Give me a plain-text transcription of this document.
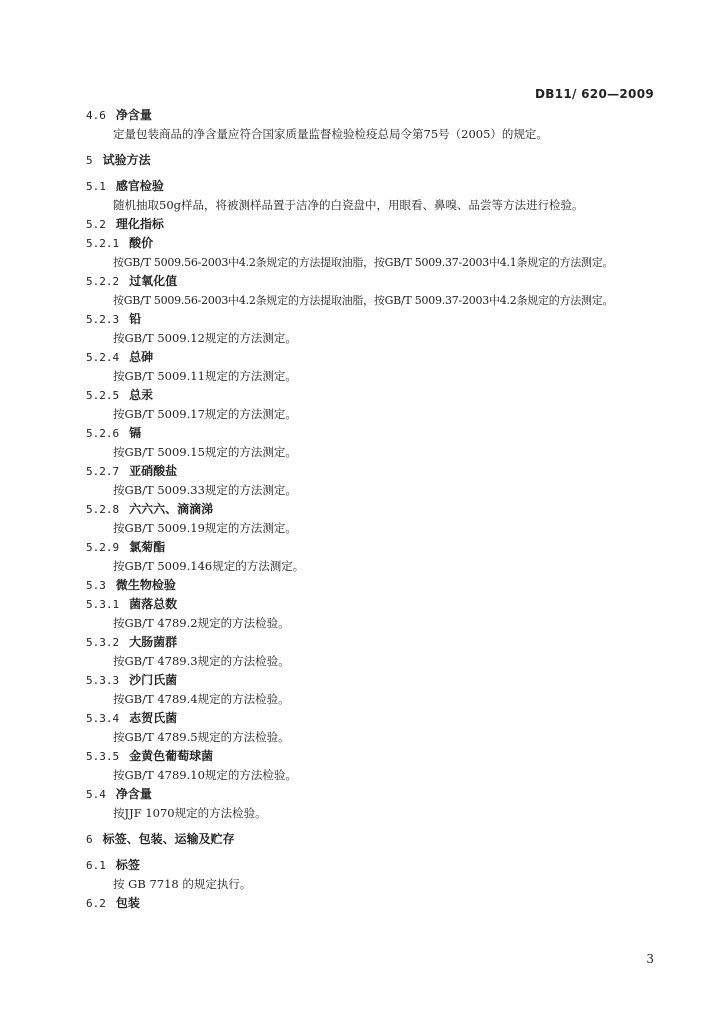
DB11/ 620—2009
4.6 净含量
定量包装商品的净含量应符合国家质量监督检验检疫总局令第75号（2005）的规定。
5 试验方法
5.1 感官检验
随机抽取50g样品，将被测样品置于洁净的白瓷盘中，用眼看、鼻嗅、品尝等方法进行检验。
5.2 理化指标
5.2.1 酸价
按GB/T 5009.56-2003中4.2条规定的方法提取油脂，按GB/T 5009.37-2003中4.1条规定的方法测定。
5.2.2 过氧化值
按GB/T 5009.56-2003中4.2条规定的方法提取油脂，按GB/T 5009.37-2003中4.2条规定的方法测定。
5.2.3 铅
按GB/T 5009.12规定的方法测定。
5.2.4 总砷
按GB/T 5009.11规定的方法测定。
5.2.5 总汞
按GB/T 5009.17规定的方法测定。
5.2.6 镉
按GB/T 5009.15规定的方法测定。
5.2.7 亚硝酸盐
按GB/T 5009.33规定的方法测定。
5.2.8 六六六、滴滴涕
按GB/T 5009.19规定的方法测定。
5.2.9 氯菊酯
按GB/T 5009.146规定的方法测定。
5.3 微生物检验
5.3.1 菌落总数
按GB/T 4789.2规定的方法检验。
5.3.2 大肠菌群
按GB/T 4789.3规定的方法检验。
5.3.3 沙门氏菌
按GB/T 4789.4规定的方法检验。
5.3.4 志贺氏菌
按GB/T 4789.5规定的方法检验。
5.3.5 金黄色葡萄球菌
按GB/T 4789.10规定的方法检验。
5.4 净含量
按JJF 1070规定的方法检验。
6 标签、包装、运输及贮存
6.1 标签
按 GB 7718 的规定执行。
6.2 包装
3
